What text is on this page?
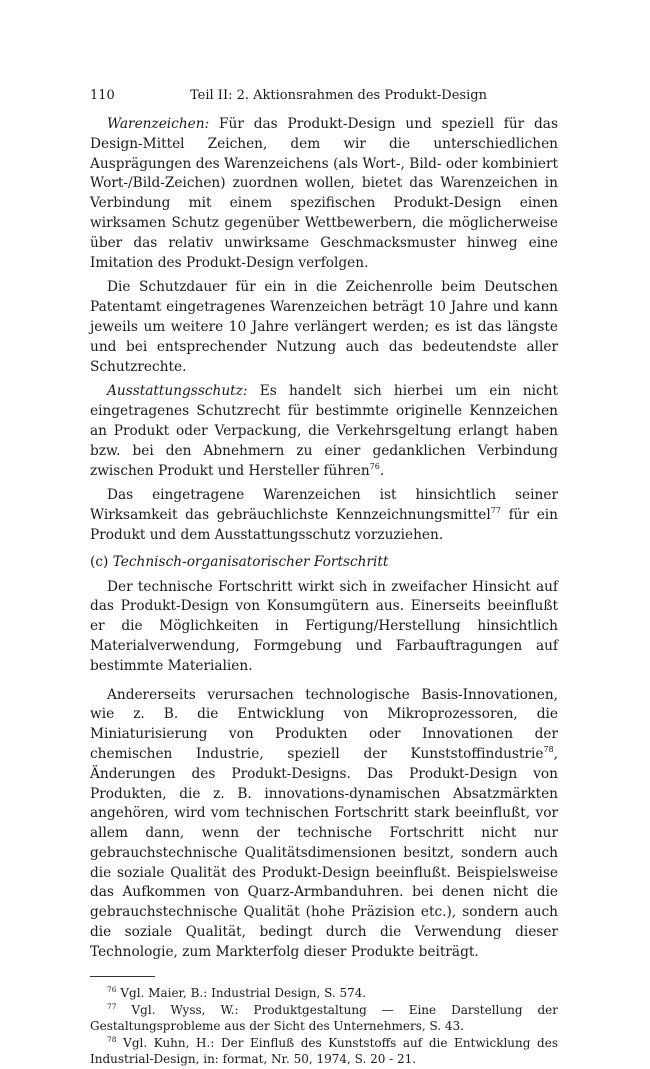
110	Teil II: 2. Aktionsrahmen des Produkt-Design

Warenzeichen: Für das Produkt-Design und speziell für das Design-Mittel Zeichen, dem wir die unterschiedlichen Ausprägungen des Warenzeichens (als Wort-, Bild- oder kombiniert Wort-/Bild-Zeichen) zuordnen wollen, bietet das Warenzeichen in Verbindung mit einem spezifischen Produkt-Design einen wirksamen Schutz gegenüber Wettbewerbern, die möglicherweise über das relativ unwirksame Geschmacksmuster hinweg eine Imitation des Produkt-Design verfolgen.

Die Schutzdauer für ein in die Zeichenrolle beim Deutschen Patentamt eingetragenes Warenzeichen beträgt 10 Jahre und kann jeweils um weitere 10 Jahre verlängert werden; es ist das längste und bei entsprechender Nutzung auch das bedeutendste aller Schutzrechte.

Ausstattungsschutz: Es handelt sich hierbei um ein nicht eingetragenes Schutzrecht für bestimmte originelle Kennzeichen an Produkt oder Verpackung, die Verkehrsgeltung erlangt haben bzw. bei den Abnehmern zu einer gedanklichen Verbindung zwischen Produkt und Hersteller führen$^{76}$.

Das eingetragene Warenzeichen ist hinsichtlich seiner Wirksamkeit das gebräuchlichste Kennzeichnungsmittel$^{77}$ für ein Produkt und dem Ausstattungsschutz vorzuziehen.

(c) Technisch-organisatorischer Fortschritt

Der technische Fortschritt wirkt sich in zweifacher Hinsicht auf das Produkt-Design von Konsumgütern aus. Einerseits beeinflußt er die Möglichkeiten in Fertigung/Herstellung hinsichtlich Materialverwendung, Formgebung und Farbauftragungen auf bestimmte Materialien.

Andererseits verursachen technologische Basis-Innovationen, wie z. B. die Entwicklung von Mikroprozessoren, die Miniaturisierung von Produkten oder Innovationen der chemischen Industrie, speziell der Kunststoffindustrie$^{78}$, Änderungen des Produkt-Designs. Das Produkt-Design von Produkten, die z. B. innovations-dynamischen Absatzmärkten angehören, wird vom technischen Fortschritt stark beeinflußt, vor allem dann, wenn der technische Fortschritt nicht nur gebrauchstechnische Qualitätsdimensionen besitzt, sondern auch die soziale Qualität des Produkt-Design beeinflußt. Beispielsweise das Aufkommen von Quarz-Armbanduhren. bei denen nicht die gebrauchstechnische Qualität (hohe Präzision etc.), sondern auch die soziale Qualität, bedingt durch die Verwendung dieser Technologie, zum Markterfolg dieser Produkte beiträgt.

$^{76}$ Vgl. Maier, B.: Industrial Design, S. 574.

$^{77}$ Vgl. Wyss, W.: Produktgestaltung — Eine Darstellung der Gestaltungsprobleme aus der Sicht des Unternehmers, S. 43.

$^{78}$ Vgl. Kuhn, H.: Der Einfluß des Kunststoffs auf die Entwicklung des Industrial-Design, in: format, Nr. 50, 1974, S. 20 - 21.
